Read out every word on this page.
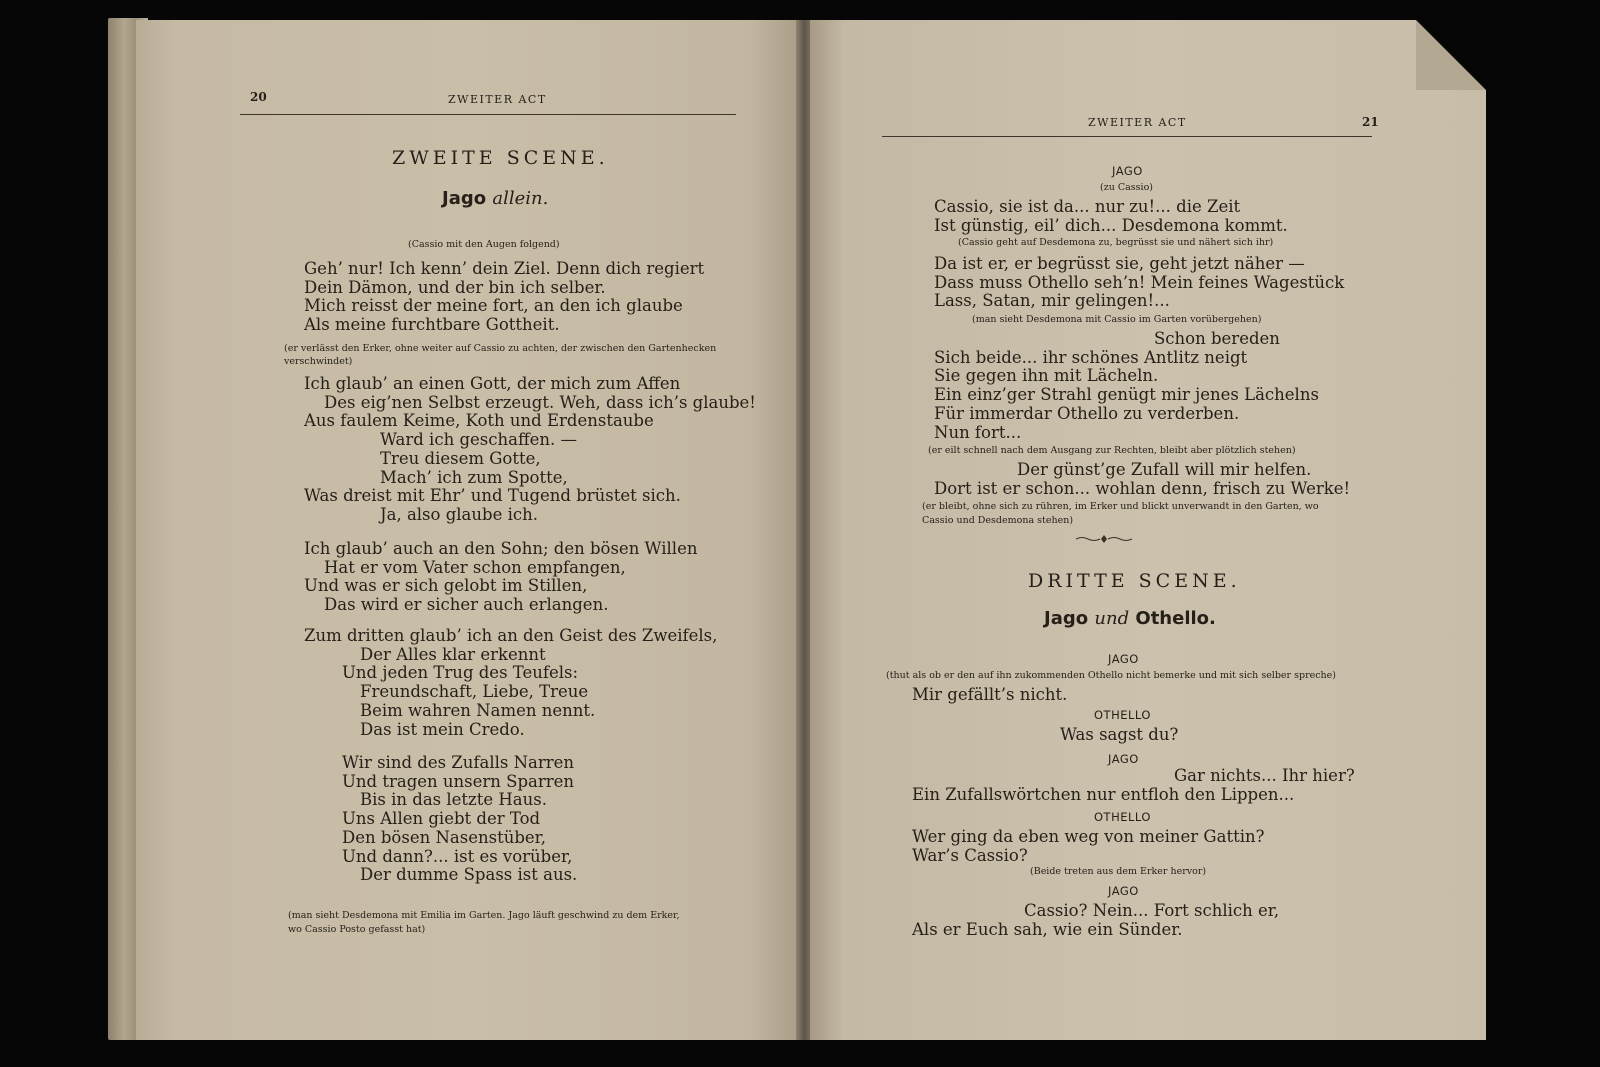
20	ZWEITER ACT
ZWEITE SCENE.
Jago allein.
(Cassio mit den Augen folgend)
Geh’ nur! Ich kenn’ dein Ziel. Denn dich regiert
Dein Dämon, und der bin ich selber.
Mich reisst der meine fort, an den ich glaube
Als meine furchtbare Gottheit.
(er verlässt den Erker, ohne weiter auf Cassio zu achten, der zwischen den Gartenhecken
verschwindet)
Ich glaub’ an einen Gott, der mich zum Affen
Des eig’nen Selbst erzeugt. Weh, dass ich’s glaube!
Aus faulem Keime, Koth und Erdenstaube
Ward ich geschaffen. —
Treu diesem Gotte,
Mach’ ich zum Spotte,
Was dreist mit Ehr’ und Tugend brüstet sich.
Ja, also glaube ich.
Ich glaub’ auch an den Sohn; den bösen Willen
Hat er vom Vater schon empfangen,
Und was er sich gelobt im Stillen,
Das wird er sicher auch erlangen.
Zum dritten glaub’ ich an den Geist des Zweifels,
Der Alles klar erkennt
Und jeden Trug des Teufels:
Freundschaft, Liebe, Treue
Beim wahren Namen nennt.
Das ist mein Credo.
Wir sind des Zufalls Narren
Und tragen unsern Sparren
Bis in das letzte Haus.
Uns Allen giebt der Tod
Den bösen Nasenstüber,
Und dann?... ist es vorüber,
Der dumme Spass ist aus.
(man sieht Desdemona mit Emilia im Garten. Jago läuft geschwind zu dem Erker,
wo Cassio Posto gefasst hat)
ZWEITER ACT	21
JAGO
(zu Cassio)
Cassio, sie ist da... nur zu!... die Zeit
Ist günstig, eil’ dich... Desdemona kommt.
(Cassio geht auf Desdemona zu, begrüsst sie und nähert sich ihr)
Da ist er, er begrüsst sie, geht jetzt näher —
Dass muss Othello seh’n! Mein feines Wagestück
Lass, Satan, mir gelingen!...
(man sieht Desdemona mit Cassio im Garten vorübergehen)
Schon bereden
Sich beide... ihr schönes Antlitz neigt
Sie gegen ihn mit Lächeln.
Ein einz’ger Strahl genügt mir jenes Lächelns
Für immerdar Othello zu verderben.
Nun fort...
(er eilt schnell nach dem Ausgang zur Rechten, bleibt aber plötzlich stehen)
Der günst’ge Zufall will mir helfen.
Dort ist er schon... wohlan denn, frisch zu Werke!
(er bleibt, ohne sich zu rühren, im Erker und blickt unverwandt in den Garten, wo
Cassio und Desdemona stehen)
DRITTE SCENE.
Jago und Othello.
JAGO
(thut als ob er den auf ihn zukommenden Othello nicht bemerke und mit sich selber spreche)
Mir gefällt’s nicht.
OTHELLO
Was sagst du?
JAGO
Gar nichts... Ihr hier?
Ein Zufallswörtchen nur entfloh den Lippen...
OTHELLO
Wer ging da eben weg von meiner Gattin?
War’s Cassio?
(Beide treten aus dem Erker hervor)
JAGO
Cassio? Nein... Fort schlich er,
Als er Euch sah, wie ein Sünder.
